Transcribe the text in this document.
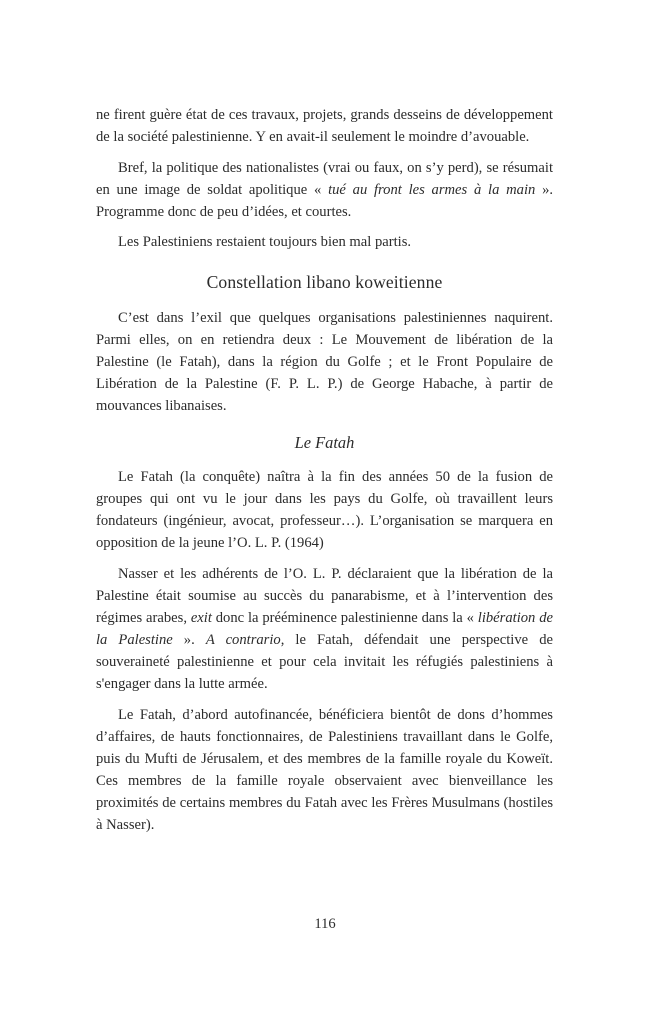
ne firent guère état de ces travaux, projets, grands desseins de développement de la société palestinienne. Y en avait-il seulement le moindre d’avouable.

Bref, la politique des nationalistes (vrai ou faux, on s’y perd), se résumait en une image de soldat apolitique « tué au front les armes à la main ». Programme donc de peu d’idées, et courtes.

Les Palestiniens restaient toujours bien mal partis.

Constellation libano koweitienne

C’est dans l’exil que quelques organisations palestiniennes naquirent. Parmi elles, on en retiendra deux : Le Mouvement de libération de la Palestine (le Fatah), dans la région du Golfe ; et le Front Populaire de Libération de la Palestine (F. P. L. P.) de George Habache, à partir de mouvances libanaises.

Le Fatah

Le Fatah (la conquête) naîtra à la fin des années 50 de la fusion de groupes qui ont vu le jour dans les pays du Golfe, où travaillent leurs fondateurs (ingénieur, avocat, professeur…). L’organisation se marquera en opposition de la jeune l’O. L. P. (1964)

Nasser et les adhérents de l’O. L. P. déclaraient que la libération de la Palestine était soumise au succès du panarabisme, et à l’intervention des régimes arabes, exit donc la prééminence palestinienne dans la « libération de la Palestine ». A contrario, le Fatah, défendait une perspective de souveraineté palestinienne et pour cela invitait les réfugiés palestiniens à s'engager dans la lutte armée.

Le Fatah, d’abord autofinancée, bénéficiera bientôt de dons d’hommes d’affaires, de hauts fonctionnaires, de Palestiniens travaillant dans le Golfe, puis du Mufti de Jérusalem, et des membres de la famille royale du Koweït. Ces membres de la famille royale observaient avec bienveillance les proximités de certains membres du Fatah avec les Frères Musulmans (hostiles à Nasser).

116
